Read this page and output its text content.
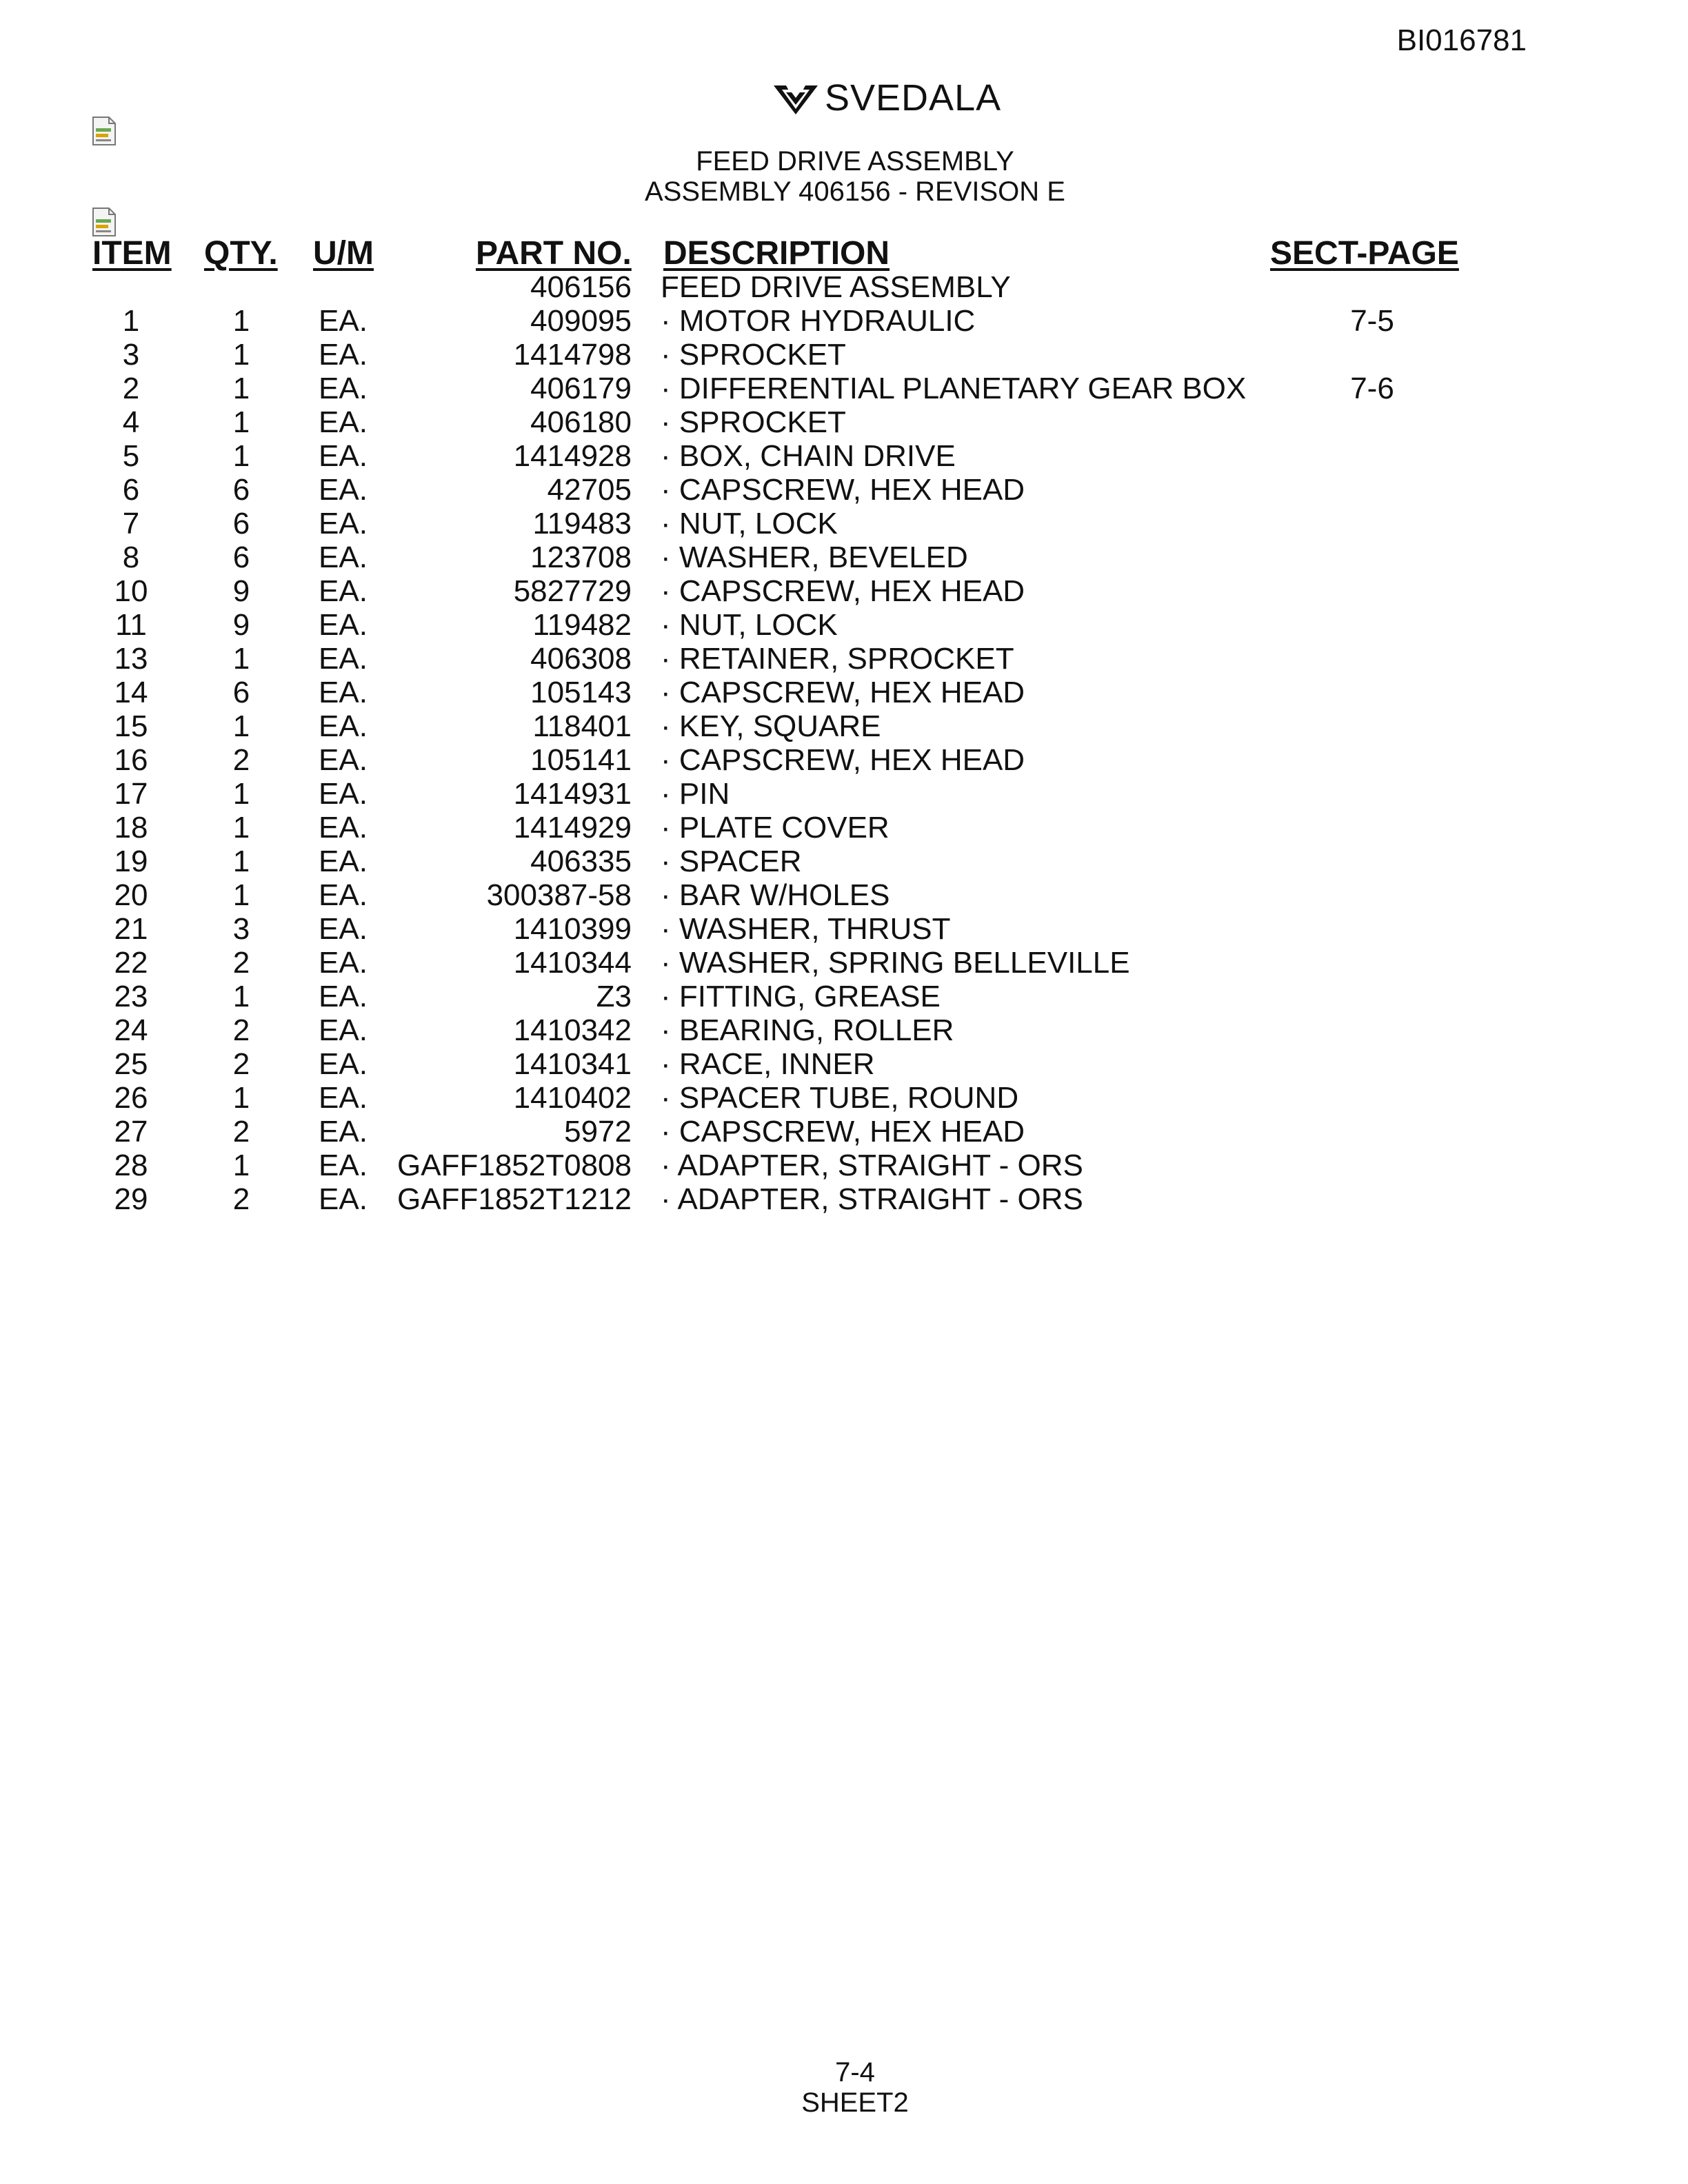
BI016781
SVEDALA
FEED DRIVE ASSEMBLY
ASSEMBLY 406156 - REVISON E
ITEM QTY. U/M	PART NO. DESCRIPTION	SECT-PAGE
406156 FEED DRIVE ASSEMBLY
1	1	EA.	409095 · MOTOR HYDRAULIC	7-5
3	1	EA.	1414798 · SPROCKET
2	1	EA.	406179 · DIFFERENTIAL PLANETARY GEAR BOX	7-6
4	1	EA.	406180 · SPROCKET
5	1	EA.	1414928 · BOX, CHAIN DRIVE
6	6	EA.	42705 · CAPSCREW, HEX HEAD
7	6	EA.	119483 · NUT, LOCK
8	6	EA.	123708 · WASHER, BEVELED
10	9	EA.	5827729 · CAPSCREW, HEX HEAD
11	9	EA.	119482 · NUT, LOCK
13	1	EA.	406308 · RETAINER, SPROCKET
14	6	EA.	105143 · CAPSCREW, HEX HEAD
15	1	EA.	118401 · KEY, SQUARE
16	2	EA.	105141 · CAPSCREW, HEX HEAD
17	1	EA.	1414931 · PIN
18	1	EA.	1414929 · PLATE COVER
19	1	EA.	406335 · SPACER
20	1	EA.	300387-58 · BAR W/HOLES
21	3	EA.	1410399 · WASHER, THRUST
22	2	EA.	1410344 · WASHER, SPRING BELLEVILLE
23	1	EA.	Z3 · FITTING, GREASE
24	2	EA.	1410342 · BEARING, ROLLER
25	2	EA.	1410341 · RACE, INNER
26	1	EA.	1410402 · SPACER TUBE, ROUND
27	2	EA.	5972 · CAPSCREW, HEX HEAD
28	1	EA. GAFF1852T0808 · ADAPTER, STRAIGHT - ORS
29	2	EA. GAFF1852T1212 · ADAPTER, STRAIGHT - ORS
7-4
SHEET2
